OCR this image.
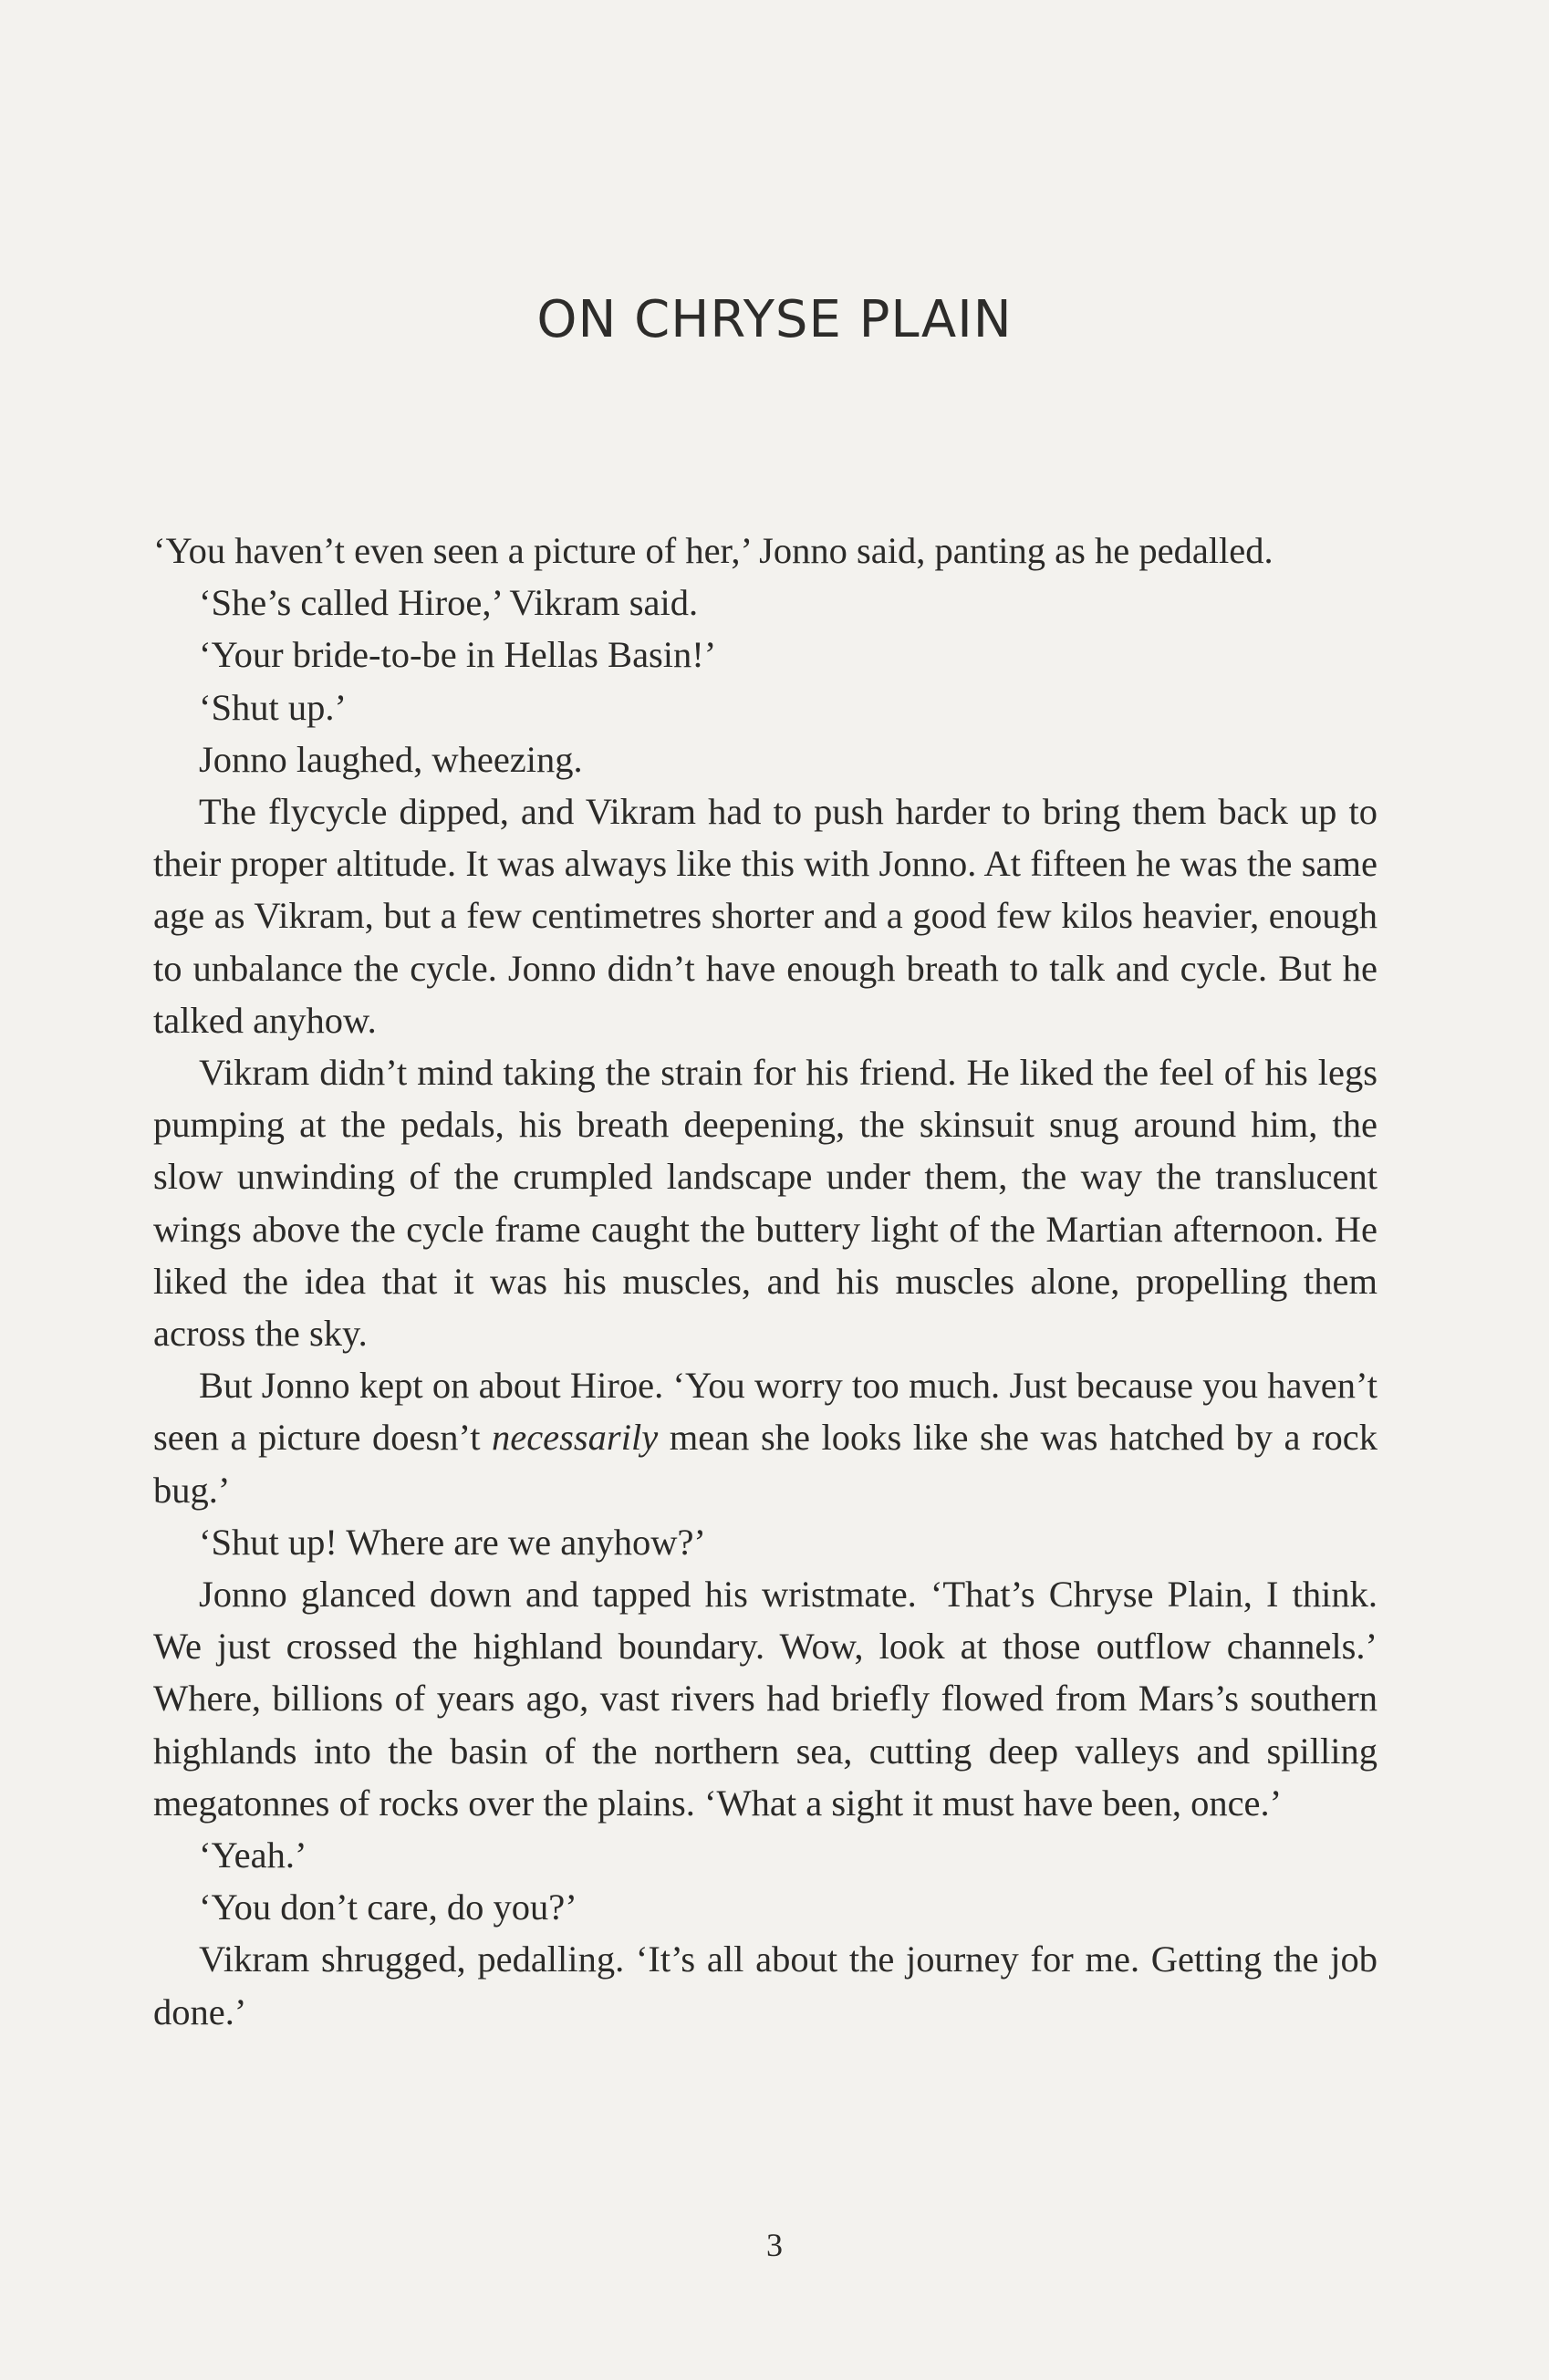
ON CHRYSE PLAIN

‘You haven’t even seen a picture of her,’ Jonno said, panting as he pedalled.

‘She’s called Hiroe,’ Vikram said.

‘Your bride-to-be in Hellas Basin!’

‘Shut up.’

Jonno laughed, wheezing.

The flycycle dipped, and Vikram had to push harder to bring them back up to their proper altitude. It was always like this with Jonno. At fifteen he was the same age as Vikram, but a few centimetres shorter and a good few kilos heavier, enough to unbalance the cycle. Jonno didn’t have enough breath to talk and cycle. But he talked anyhow.

Vikram didn’t mind taking the strain for his friend. He liked the feel of his legs pumping at the pedals, his breath deepening, the skinsuit snug around him, the slow unwinding of the crumpled landscape under them, the way the translucent wings above the cycle frame caught the buttery light of the Martian afternoon. He liked the idea that it was his muscles, and his muscles alone, propelling them across the sky.

But Jonno kept on about Hiroe. ‘You worry too much. Just because you haven’t seen a picture doesn’t necessarily mean she looks like she was hatched by a rock bug.’

‘Shut up! Where are we anyhow?’

Jonno glanced down and tapped his wristmate. ‘That’s Chryse Plain, I think. We just crossed the highland boundary. Wow, look at those outflow channels.’ Where, billions of years ago, vast rivers had briefly flowed from Mars’s southern highlands into the basin of the northern sea, cutting deep valleys and spilling megatonnes of rocks over the plains. ‘What a sight it must have been, once.’

‘Yeah.’

‘You don’t care, do you?’

Vikram shrugged, pedalling. ‘It’s all about the journey for me. Getting the job done.’

3
